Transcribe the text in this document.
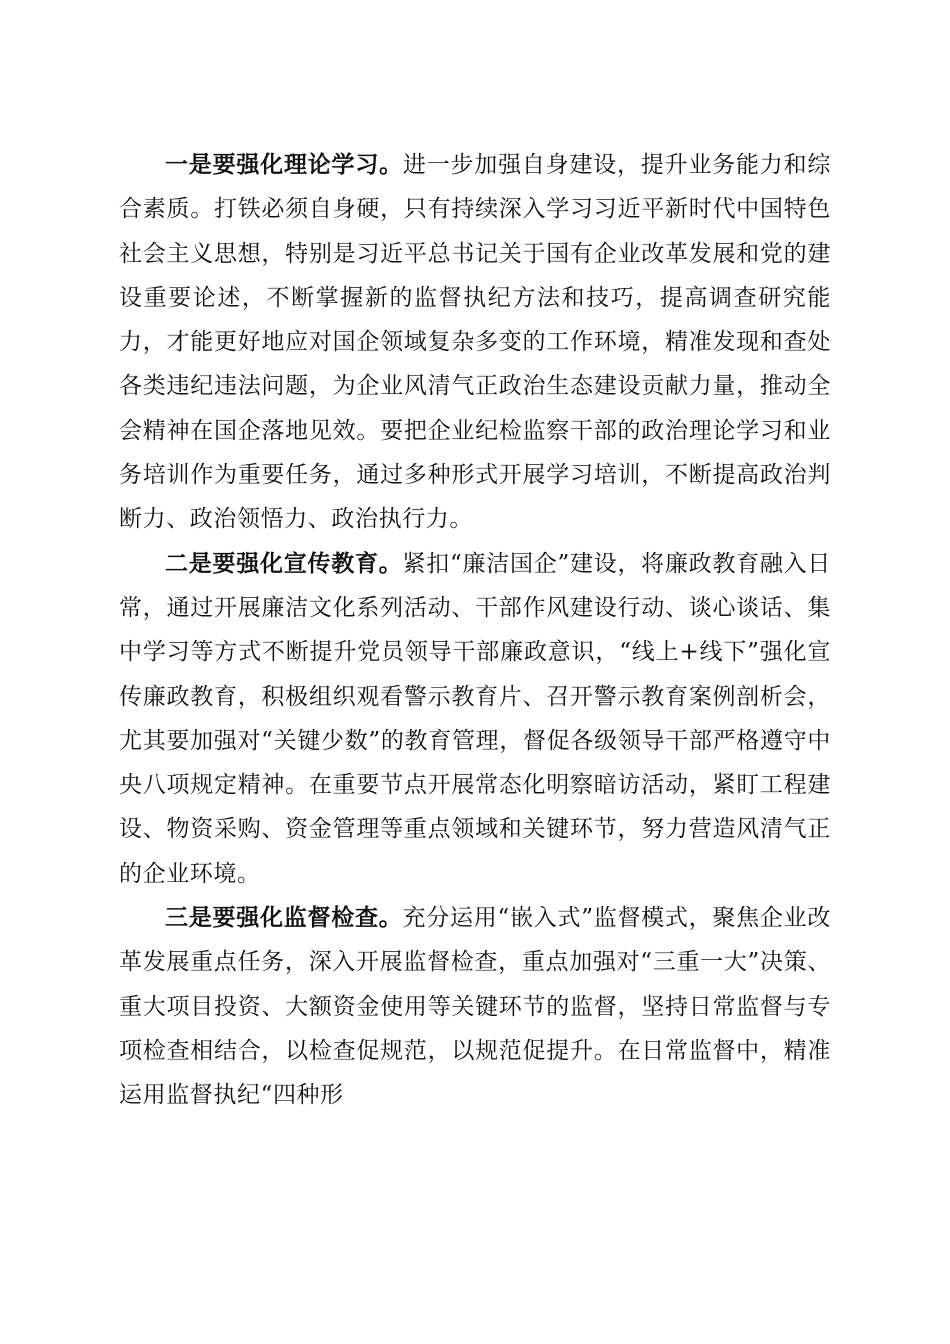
一是要强化理论学习。进一步加强自身建设，提升业务能力和综合素质。打铁必须自身硬，只有持续深入学习习近平新时代中国特色社会主义思想，特别是习近平总书记关于国有企业改革发展和党的建设重要论述，不断掌握新的监督执纪方法和技巧，提高调查研究能力，才能更好地应对国企领域复杂多变的工作环境，精准发现和查处各类违纪违法问题，为企业风清气正政治生态建设贡献力量，推动全会精神在国企落地见效。要把企业纪检监察干部的政治理论学习和业务培训作为重要任务，通过多种形式开展学习培训，不断提高政治判断力、政治领悟力、政治执行力。

二是要强化宣传教育。紧扣“廉洁国企”建设，将廉政教育融入日常，通过开展廉洁文化系列活动、干部作风建设行动、谈心谈话、集中学习等方式不断提升党员领导干部廉政意识，“线上+线下”强化宣传廉政教育，积极组织观看警示教育片、召开警示教育案例剖析会，尤其要加强对“关键少数”的教育管理，督促各级领导干部严格遵守中央八项规定精神。在重要节点开展常态化明察暗访活动，紧盯工程建设、物资采购、资金管理等重点领域和关键环节，努力营造风清气正的企业环境。

三是要强化监督检查。充分运用“嵌入式”监督模式，聚焦企业改革发展重点任务，深入开展监督检查，重点加强对“三重一大”决策、重大项目投资、大额资金使用等关键环节的监督，坚持日常监督与专项检查相结合，以检查促规范，以规范促提升。在日常监督中，精准运用监督执纪“四种形
